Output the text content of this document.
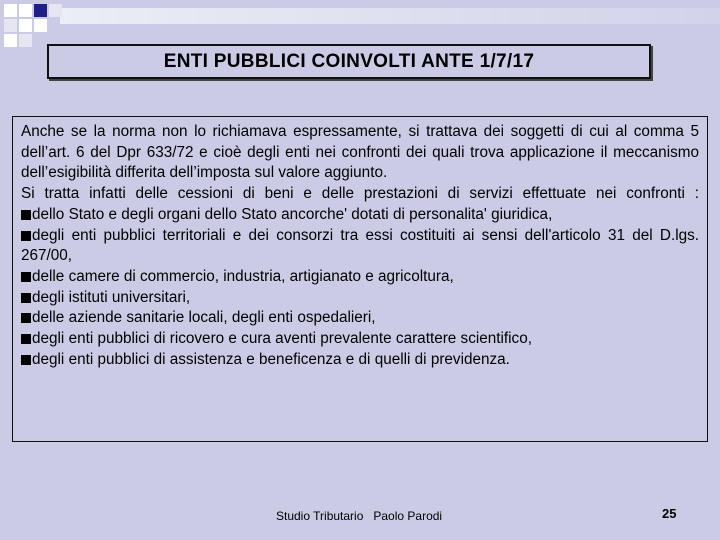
ENTI PUBBLICI COINVOLTI ANTE 1/7/17

Anche se la norma non lo richiamava espressamente, si trattava dei soggetti di cui al comma 5 dell’art. 6 del Dpr 633/72 e cioè degli enti nei confronti dei quali trova applicazione il meccanismo dell’esigibilità differita dell’imposta sul valore aggiunto.

Si tratta infatti delle cessioni di beni e delle prestazioni di servizi effettuate nei confronti :

dello Stato e degli organi dello Stato ancorche' dotati di personalita' giuridica,

degli enti pubblici territoriali e dei consorzi tra essi costituiti ai sensi dell'articolo 31 del D.lgs. 267/00,

delle camere di commercio, industria, artigianato e agricoltura,

degli istituti universitari,

delle aziende sanitarie locali, degli enti ospedalieri,

degli enti pubblici di ricovero e cura aventi prevalente carattere scientifico,

degli enti pubblici di assistenza e beneficenza e di quelli di previdenza.

Studio Tributario   Paolo Parodi	25
